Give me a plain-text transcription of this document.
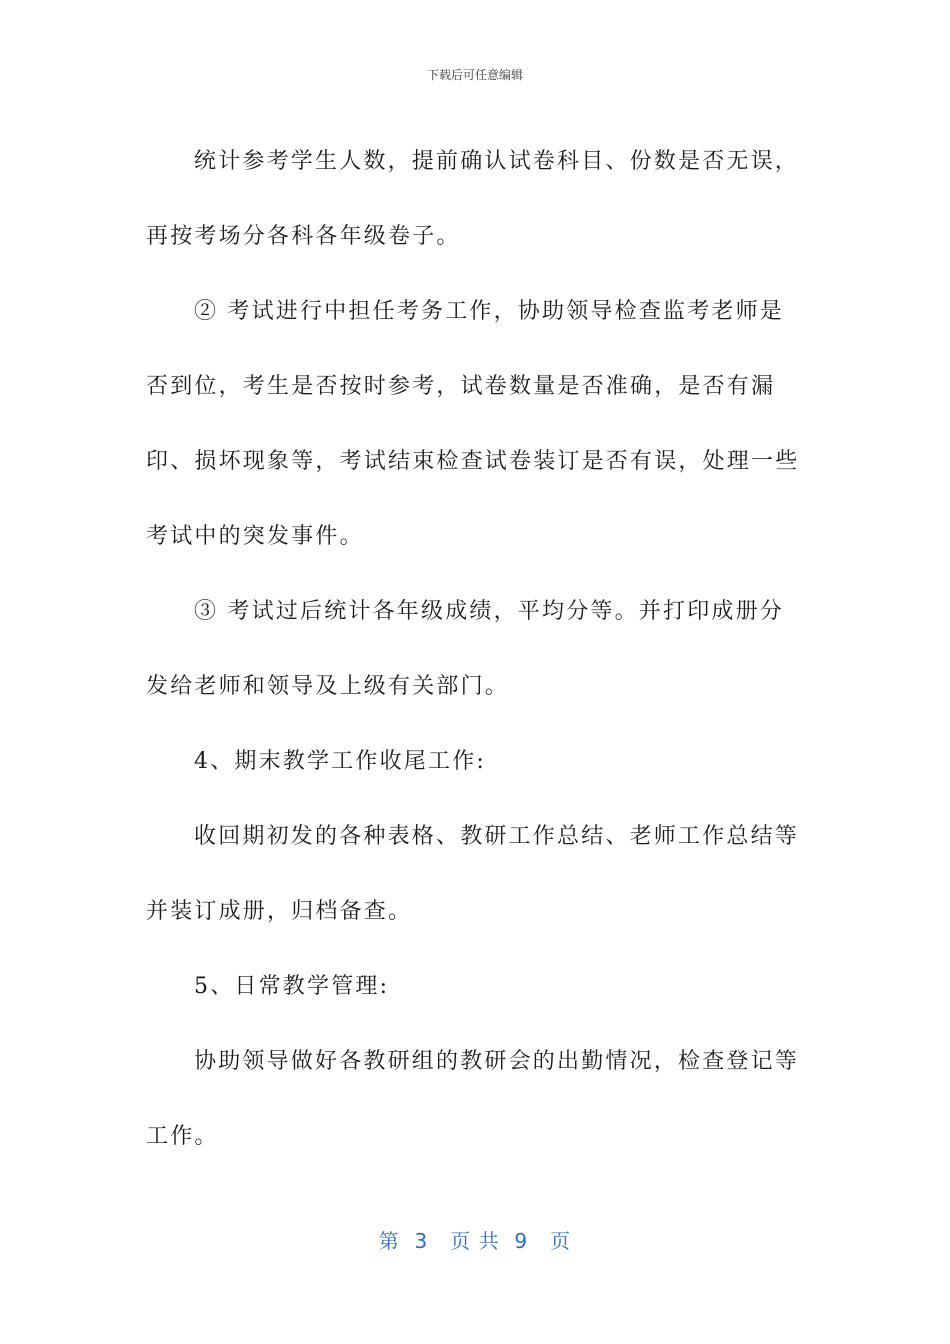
下载后可任意编辑

统计参考学生人数，提前确认试卷科目、份数是否无误，再按考场分各科各年级卷子。

② 考试进行中担任考务工作，协助领导检查监考老师是否到位，考生是否按时参考，试卷数量是否准确，是否有漏印、损坏现象等，考试结束检查试卷装订是否有误，处理一些考试中的突发事件。

③ 考试过后统计各年级成绩，平均分等。并打印成册分发给老师和领导及上级有关部门。

4、期末教学工作收尾工作:

收回期初发的各种表格、教研工作总结、老师工作总结等并装订成册，归档备查。

5、日常教学管理:

协助领导做好各教研组的教研会的出勤情况，检查登记等工作。

第  3   页 共  9   页
